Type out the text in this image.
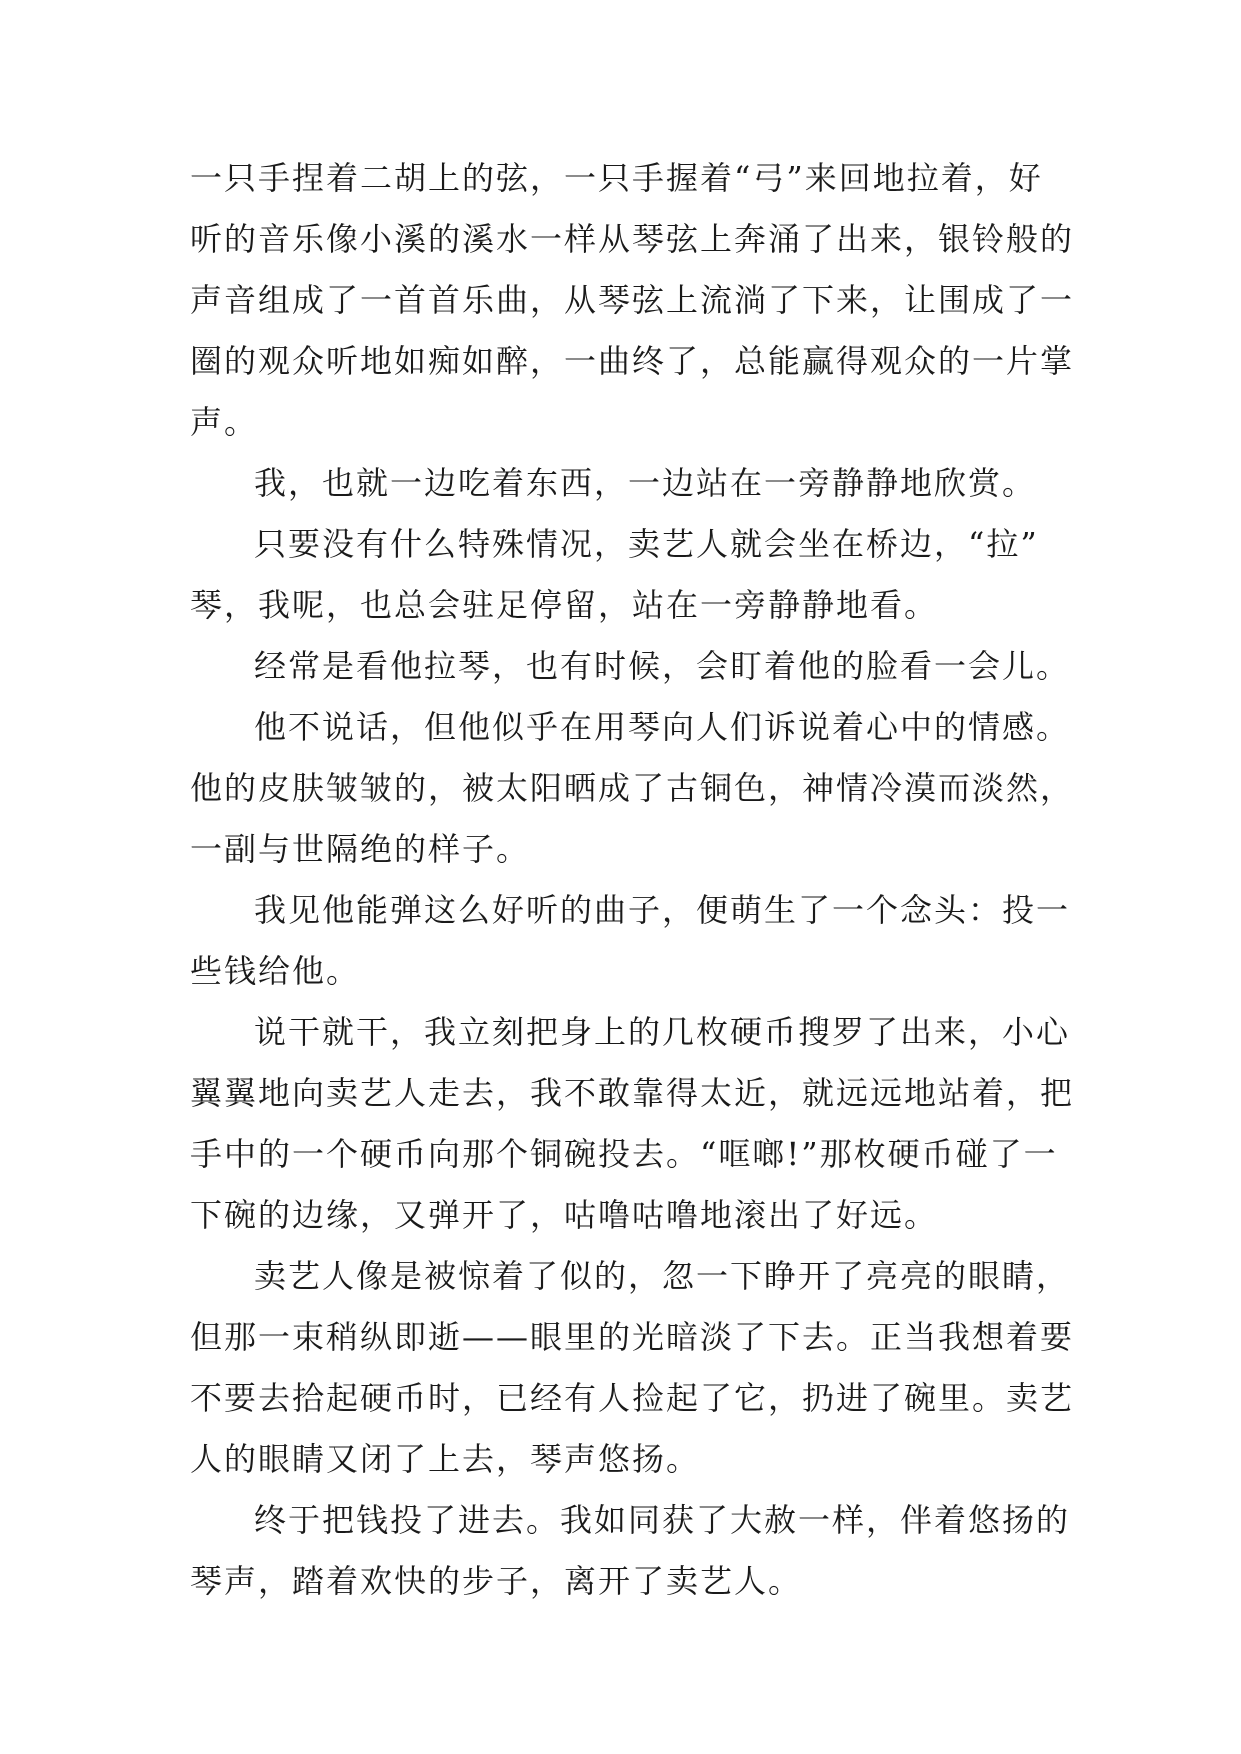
一只手捏着二胡上的弦，一只手握着“弓”来回地拉着，好
听的音乐像小溪的溪水一样从琴弦上奔涌了出来，银铃般的
声音组成了一首首乐曲，从琴弦上流淌了下来，让围成了一
圈的观众听地如痴如醉，一曲终了，总能赢得观众的一片掌
声。
我，也就一边吃着东西，一边站在一旁静静地欣赏。
只要没有什么特殊情况，卖艺人就会坐在桥边，“拉”
琴，我呢，也总会驻足停留，站在一旁静静地看。
经常是看他拉琴，也有时候，会盯着他的脸看一会儿。
他不说话，但他似乎在用琴向人们诉说着心中的情感。
他的皮肤皱皱的，被太阳晒成了古铜色，神情冷漠而淡然，
一副与世隔绝的样子。
我见他能弹这么好听的曲子，便萌生了一个念头：投一
些钱给他。
说干就干，我立刻把身上的几枚硬币搜罗了出来，小心
翼翼地向卖艺人走去，我不敢靠得太近，就远远地站着，把
手中的一个硬币向那个铜碗投去。“哐啷!”那枚硬币碰了一
下碗的边缘，又弹开了，咕噜咕噜地滚出了好远。
卖艺人像是被惊着了似的，忽一下睁开了亮亮的眼睛，
但那一束稍纵即逝——眼里的光暗淡了下去。正当我想着要
不要去拾起硬币时，已经有人捡起了它，扔进了碗里。卖艺
人的眼睛又闭了上去，琴声悠扬。
终于把钱投了进去。我如同获了大赦一样，伴着悠扬的
琴声，踏着欢快的步子，离开了卖艺人。
